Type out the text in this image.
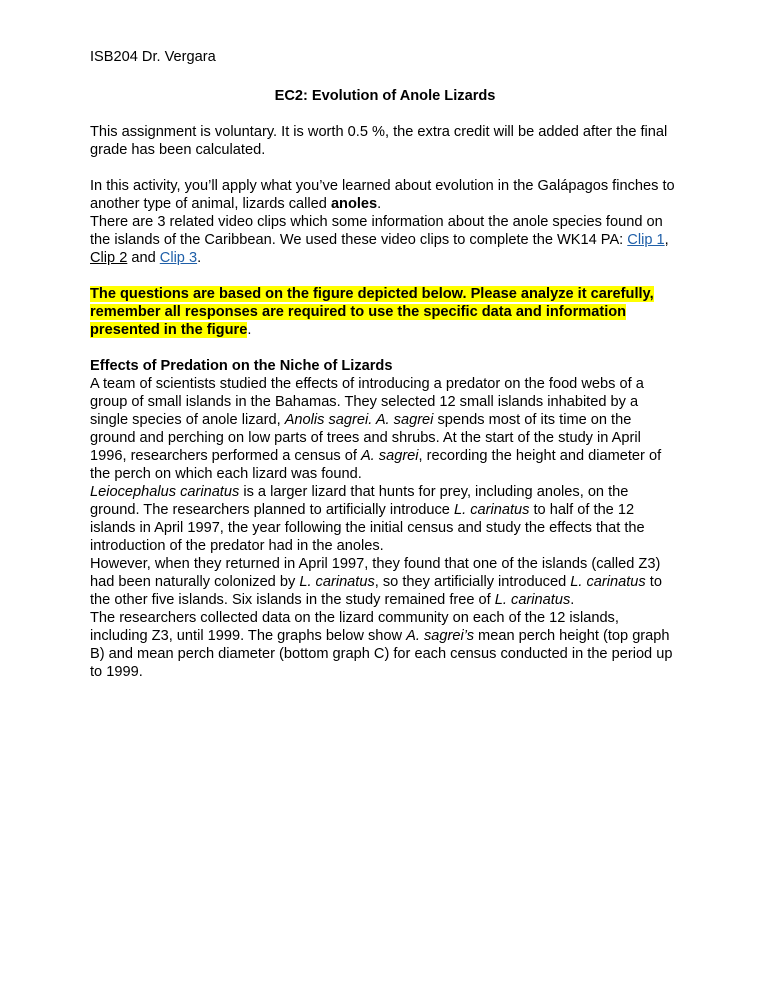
ISB204 Dr. Vergara

EC2: Evolution of Anole Lizards

This assignment is voluntary. It is worth 0.5 %, the extra credit will be added after the final grade has been calculated.

In this activity, you’ll apply what you’ve learned about evolution in the Galápagos finches to another type of animal, lizards called anoles.

There are 3 related video clips which some information about the anole species found on the islands of the Caribbean. We used these video clips to complete the WK14 PA: Clip 1, Clip 2 and Clip 3.

The questions are based on the figure depicted below. Please analyze it carefully, remember all responses are required to use the specific data and information presented in the figure.

Effects of Predation on the Niche of Lizards

A team of scientists studied the effects of introducing a predator on the food webs of a group of small islands in the Bahamas. They selected 12 small islands inhabited by a single species of anole lizard, Anolis sagrei. A. sagrei spends most of its time on the ground and perching on low parts of trees and shrubs. At the start of the study in April 1996, researchers performed a census of A. sagrei, recording the height and diameter of the perch on which each lizard was found.

Leiocephalus carinatus is a larger lizard that hunts for prey, including anoles, on the ground. The researchers planned to artificially introduce L. carinatus to half of the 12 islands in April 1997, the year following the initial census and study the effects that the introduction of the predator had in the anoles.

However, when they returned in April 1997, they found that one of the islands (called Z3) had been naturally colonized by L. carinatus, so they artificially introduced L. carinatus to the other five islands. Six islands in the study remained free of L. carinatus.

The researchers collected data on the lizard community on each of the 12 islands, including Z3, until 1999. The graphs below show A. sagrei’s mean perch height (top graph B) and mean perch diameter (bottom graph C) for each census conducted in the period up to 1999.
